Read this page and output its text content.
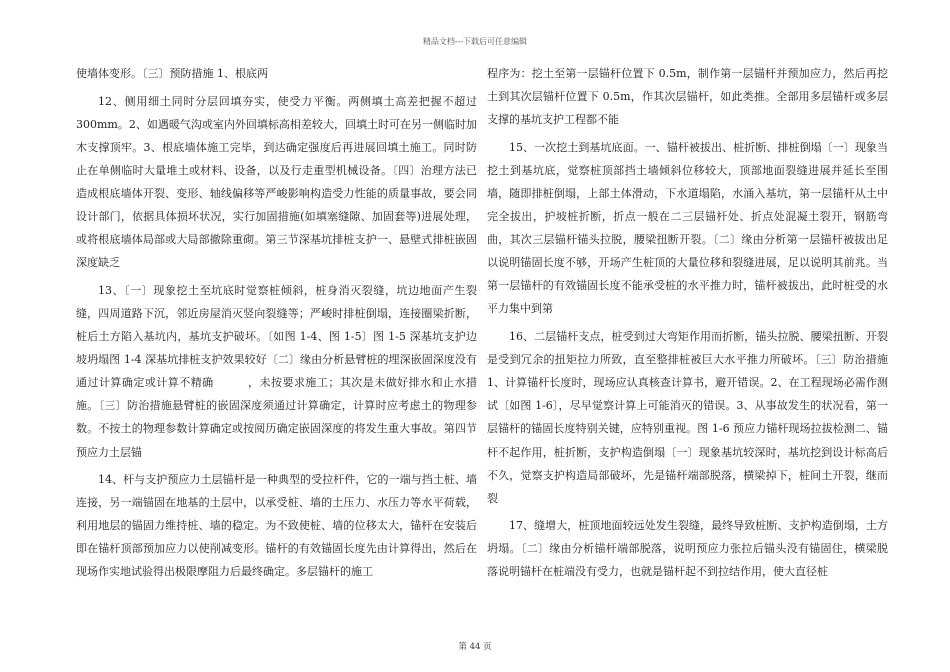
精品文档---下载后可任意编辑

使墙体变形。〔三〕预防措施 1、根底两

12、侧用细土同时分层回填夯实，使受力平衡。两侧填土高差把握不超过 300mm。2、如遇暖气沟或室内外回填标高相差较大，回填土时可在另一侧临时加木支撑顶牢。3、根底墙体施工完毕，到达确定强度后再进展回填土施工。同时防止在单侧临时大量堆土或材料、设备，以及行走重型机械设备。〔四〕治理方法已造成根底墙体开裂、变形、轴线偏移等严峻影响构造受力性能的质量事故，要会同设计部门，依据具体损坏状况，实行加固措施(如填塞缝隙、加固套等)进展处理，或将根底墙体局部或大局部撤除重砌。第三节深基坑排桩支护一、悬壁式排桩嵌固深度缺乏

13、〔一〕现象挖土至坑底时觉察桩倾斜，桩身消灭裂缝，坑边地面产生裂缝，四周道路下沉，邻近房屋消灭竖向裂缝等；严峻时排桩倒塌，连接圈梁折断，桩后土方陷入基坑内，基坑支护破坏。〔如图 1-4、图 1-5〕图 1-5 深基坑支护边坡坍塌图 1-4 深基坑排桩支护效果较好〔二〕缘由分析悬臂桩的埋深嵌固深度没有通过计算确定或计算不精确　　　，未按要求施工；其次是未做好排水和止水措施。〔三〕防治措施悬臂桩的嵌固深度须通过计算确定，计算时应考虑土的物理参数。不按土的物理参数计算确定或按阅历确定嵌固深度的将发生重大事故。第四节预应力土层锚

14、杆与支护预应力土层锚杆是一种典型的受拉杆件，它的一端与挡土桩、墙连接，另一端锚固在地基的土层中，以承受桩、墙的土压力、水压力等水平荷载，利用地层的锚固力维持桩、墙的稳定。为不致使桩、墙的位移太大，锚杆在安装后即在锚杆顶部预加应力以使削减变形。锚杆的有效锚固长度先由计算得出，然后在现场作实地试验得出极限摩阻力后最终确定。多层锚杆的施工

程序为：挖土至第一层锚杆位置下 0.5m，制作第一层锚杆并预加应力，然后再挖土到其次层锚杆位置下 0.5m，作其次层锚杆，如此类推。全部用多层锚杆或多层支撑的基坑支护工程都不能

15、一次挖土到基坑底面。一、锚杆被拔出、桩折断、排桩倒塌〔一〕现象当挖土到基坑底，觉察桩顶部挡土墙倾斜位移较大，顶部地面裂缝进展并延长至围墙，随即排桩倒塌，上部土体滑动，下水道塌陷，水涌入基坑，第一层锚杆从土中完全拔出，护坡桩折断，折点一般在二三层锚杆处、折点处混凝土裂开，钢筋弯曲，其次三层锚杆锚头拉脱，腰梁扭断开裂。〔二〕缘由分析第一层锚杆被拔出足以说明锚固长度不够，开场产生桩顶的大量位移和裂缝进展，足以说明其前兆。当第一层锚杆的有效锚固长度不能承受桩的水平推力时，锚杆被拔出，此时桩受的水平力集中到第

16、二层锚杆支点，桩受到过大弯矩作用而折断，锚头拉脱、腰梁扭断、开裂是受到冗余的扭矩拉力所致，直至整排桩被巨大水平推力所破坏。〔三〕防治措施 1、计算锚杆长度时，现场应认真核查计算书，避开错误。2、在工程现场必需作测试〔如图 1-6〕，尽早觉察计算上可能消灭的错误。3、从事故发生的状况看，第一层锚杆的锚固长度特别关键，应特别重视。图 1-6 预应力锚杆现场拉拔检测二、锚杆不起作用，桩折断，支护构造倒塌〔一〕现象基坑较深时，基坑挖到设计标高后不久，觉察支护构造局部破坏，先是锚杆端部脱落，横梁掉下，桩间土开裂，继而裂

17、缝增大，桩顶地面较远处发生裂缝，最终导致桩断、支护构造倒塌，土方坍塌。〔二〕缘由分析锚杆端部脱落，说明预应力张拉后锚头没有锚固住，横梁脱落说明锚杆在桩端没有受力，也就是锚杆起不到拉结作用，使大直径桩

第 44 页
